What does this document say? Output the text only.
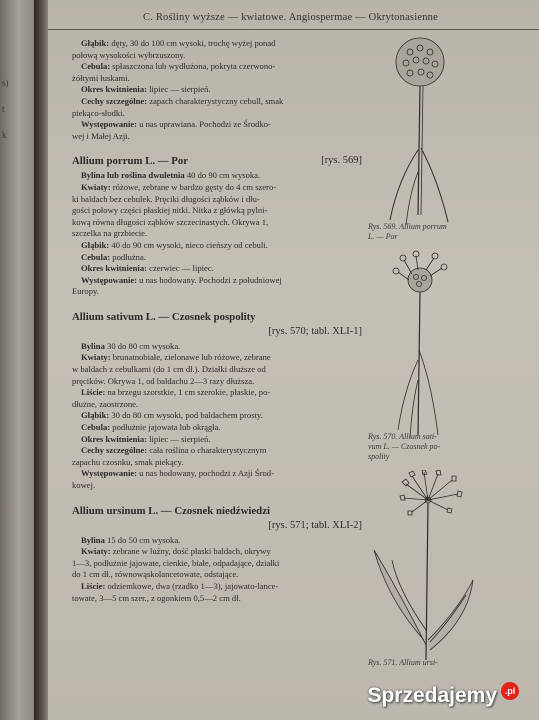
s)
t
k
C. Rośliny wyższe — kwiatowe. Angiospermae — Okrytonasienne

Głąbik: dęty, 30 do 100 cm wysoki, trochę wyżej ponad

połową wysokości wybrzuszony.

Cebula: spłaszczona lub wydłużona, pokryta czerwono-

żółtymi łuskami.

Okres kwitnienia: lipiec — sierpień.

Cechy szczególne: zapach charakterystyczny cebull, smak

piekąco-słodki.

Występowanie: u nas uprawiana. Pochodzi ze Środko-

wej i Małej Azji.

Allium porrum L. — Por	[rys. 569]

Bylina lub roślina dwuletnia 40 do 90 cm wysoka.

Kwiaty: różowe, zebrane w bardzo gęsty do 4 cm szero-

ki baldach bez cebulek. Pręciki długości ząbków i dłu-

gości połowy części płaskiej nitki. Nitka z główką pylni-

kową równa długości ząbków szczecinastych. Okrywa 1,

szczelka na grzbiecie.

Głąbik: 40 do 90 cm wysoki, nieco cieńszy od cebuli.

Cebula: podłużna.

Okres kwitnienia: czerwiec — lipiec.

Występowanie: u nas hodowany. Pochodzi z południowej

Europy.

Allium sativum L. — Czosnek pospolity
[rys. 570; tabl. XLI-1]

Bylina 30 do 80 cm wysoka.

Kwiaty: brunatnobiałe, zielonawe lub różowe, zebrane

w baldach z cebulkami (do 1 cm dł.). Działki dłuższe od

pręcików. Okrywa 1, od baldachu 2—3 razy dłuższa.

Liście: na brzegu szorstkie, 1 cm szerokie, płaskie, po-

dłużne, zaostrzone.

Głąbik: 30 do 80 cm wysoki, pod baldachem prosty.

Cebula: podłużnie jajowata lub okrągła.

Okres kwitnienia: lipiec — sierpień.

Cechy szczególne: cała roślina o charakterystycznym

zapachu czosnku, smak piekący.

Występowanie: u nas hodowany, pochodzi z Azji Środ-

kowej.

Allium ursinum L. — Czosnek niedźwiedzi
[rys. 571; tabl. XLI-2]

Bylina 15 do 50 cm wysoka.

Kwiaty: zebrane w luźny, dość płaski baldach, okrywy

1—3, podłużnie jajowate, cienkie, białe, odpadające, działki

do 1 cm dł., równowąskolancetowate, odstające.

Liście: odziemkowe, dwa (rzadko 1—3), jajowato-lance-

towate, 3—5 cm szer., z ogonkiem 0,5—2 cm dł.

Rys. 569. Allium porrum
L. — Por
Rys. 570. Allium sati-
vum L. — Czosnek po-
spolity
Rys. 571. Allium ursi-
Sprzedajemy .pl
